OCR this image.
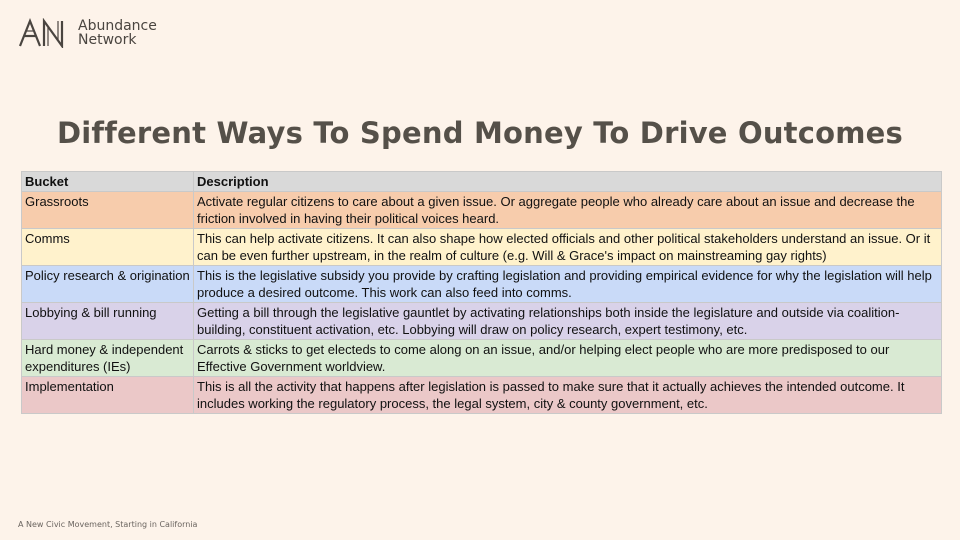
Abundance
Network
Different Ways To Spend Money To Drive Outcomes
Bucket	Description
Grassroots	Activate regular citizens to care about a given issue. Or aggregate people who already care about an issue and decrease the friction involved in having their political voices heard.
Comms	This can help activate citizens. It can also shape how elected officials and other political stakeholders understand an issue. Or it can be even further upstream, in the realm of culture (e.g. Will & Grace's impact on mainstreaming gay rights)
Policy research & origination	This is the legislative subsidy you provide by crafting legislation and providing empirical evidence for why the legislation will help produce a desired outcome. This work can also feed into comms.
Lobbying & bill running	Getting a bill through the legislative gauntlet by activating relationships both inside the legislature and outside via coalition-building, constituent activation, etc. Lobbying will draw on policy research, expert testimony, etc.
Hard money & independent expenditures (IEs)	Carrots & sticks to get electeds to come along on an issue, and/or helping elect people who are more predisposed to our Effective Government worldview.
Implementation	This is all the activity that happens after legislation is passed to make sure that it actually achieves the intended outcome. It includes working the regulatory process, the legal system, city & county government, etc.
A New Civic Movement, Starting in California
